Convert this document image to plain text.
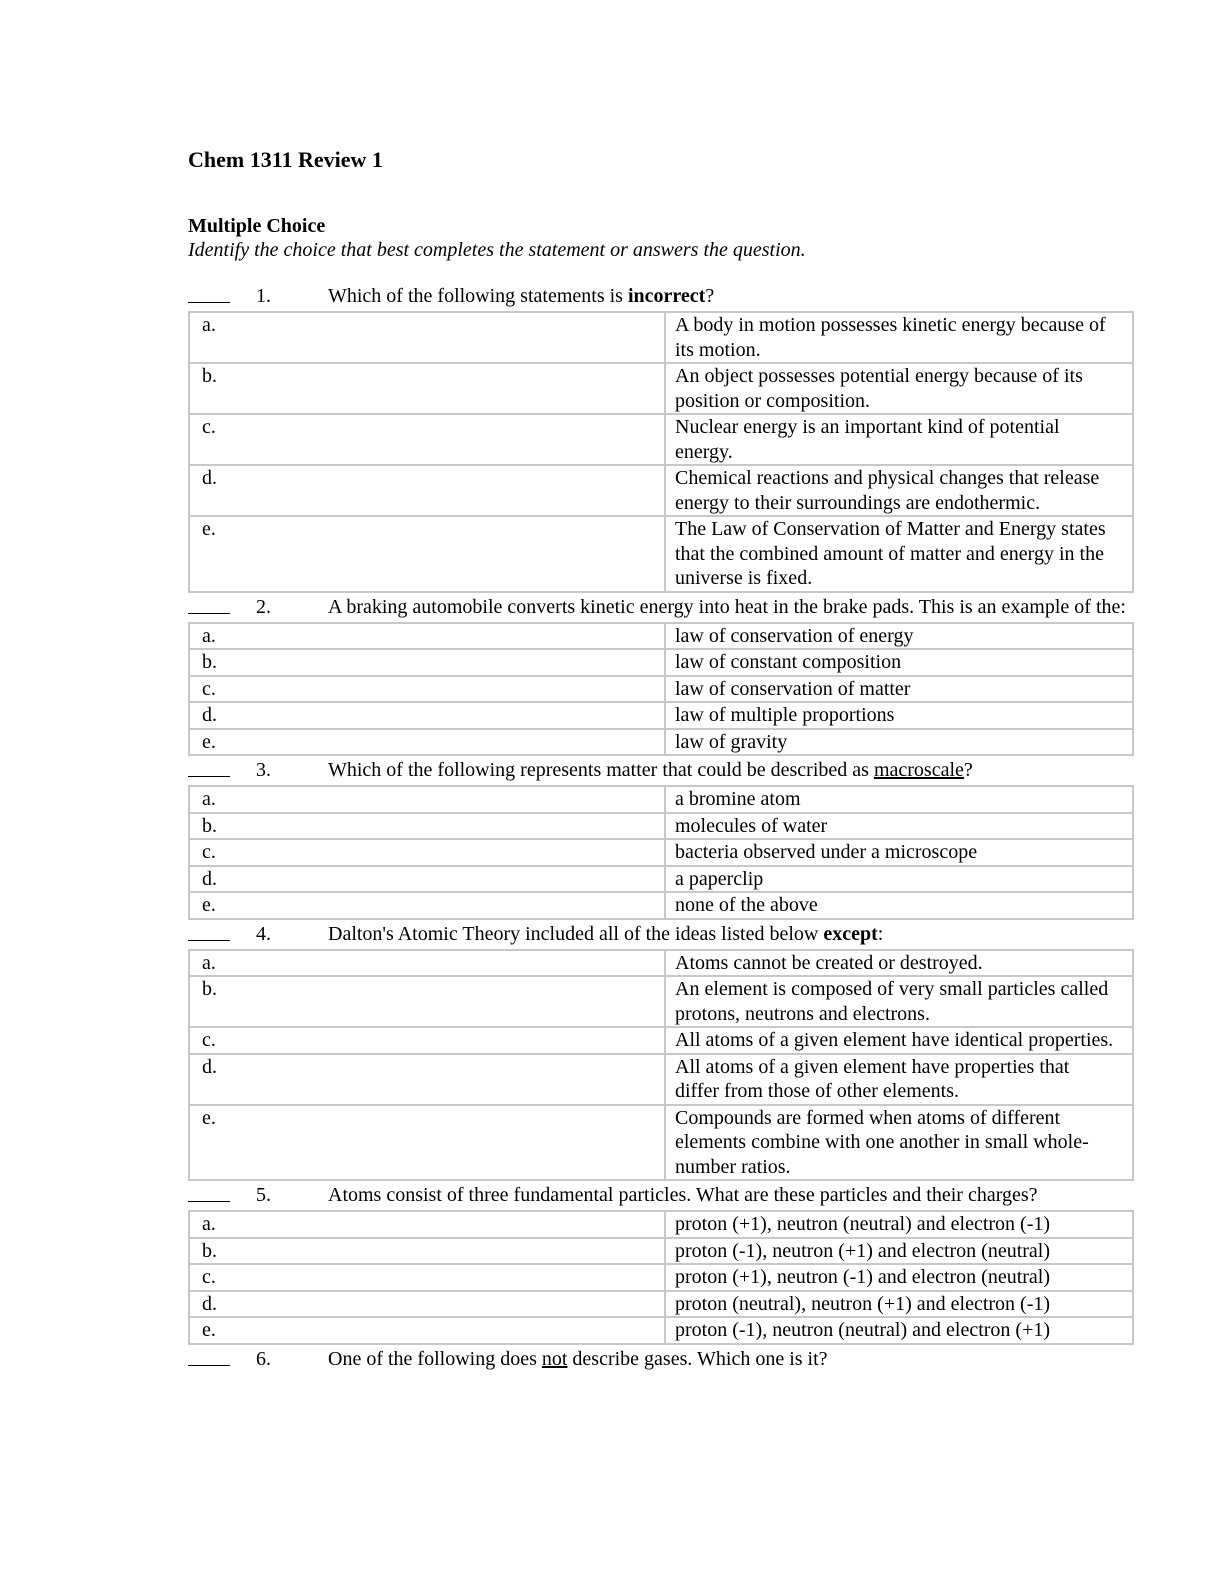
Chem 1311 Review 1
Multiple Choice
Identify the choice that best completes the statement or answers the question.
1.	Which of the following statements is incorrect?
a.	A body in motion possesses kinetic energy because of its motion.
b.	An object possesses potential energy because of its position or composition.
c.	Nuclear energy is an important kind of potential energy.
d.	Chemical reactions and physical changes that release energy to their surroundings are endothermic.
e.	The Law of Conservation of Matter and Energy states that the combined amount of matter and energy in the universe is fixed.
2.	A braking automobile converts kinetic energy into heat in the brake pads. This is an example of the:
a.	law of conservation of energy
b.	law of constant composition
c.	law of conservation of matter
d.	law of multiple proportions
e.	law of gravity
3.	Which of the following represents matter that could be described as macroscale?
a.	a bromine atom
b.	molecules of water
c.	bacteria observed under a microscope
d.	a paperclip
e.	none of the above
4.	Dalton's Atomic Theory included all of the ideas listed below except:
a.	Atoms cannot be created or destroyed.
b.	An element is composed of very small particles called protons, neutrons and electrons.
c.	All atoms of a given element have identical properties.
d.	All atoms of a given element have properties that differ from those of other elements.
e.	Compounds are formed when atoms of different elements combine with one another in small whole-number ratios.
5.	Atoms consist of three fundamental particles. What are these particles and their charges?
a.	proton (+1), neutron (neutral) and electron (-1)
b.	proton (-1), neutron (+1) and electron (neutral)
c.	proton (+1), neutron (-1) and electron (neutral)
d.	proton (neutral), neutron (+1) and electron (-1)
e.	proton (-1), neutron (neutral) and electron (+1)
6.	One of the following does not describe gases. Which one is it?
